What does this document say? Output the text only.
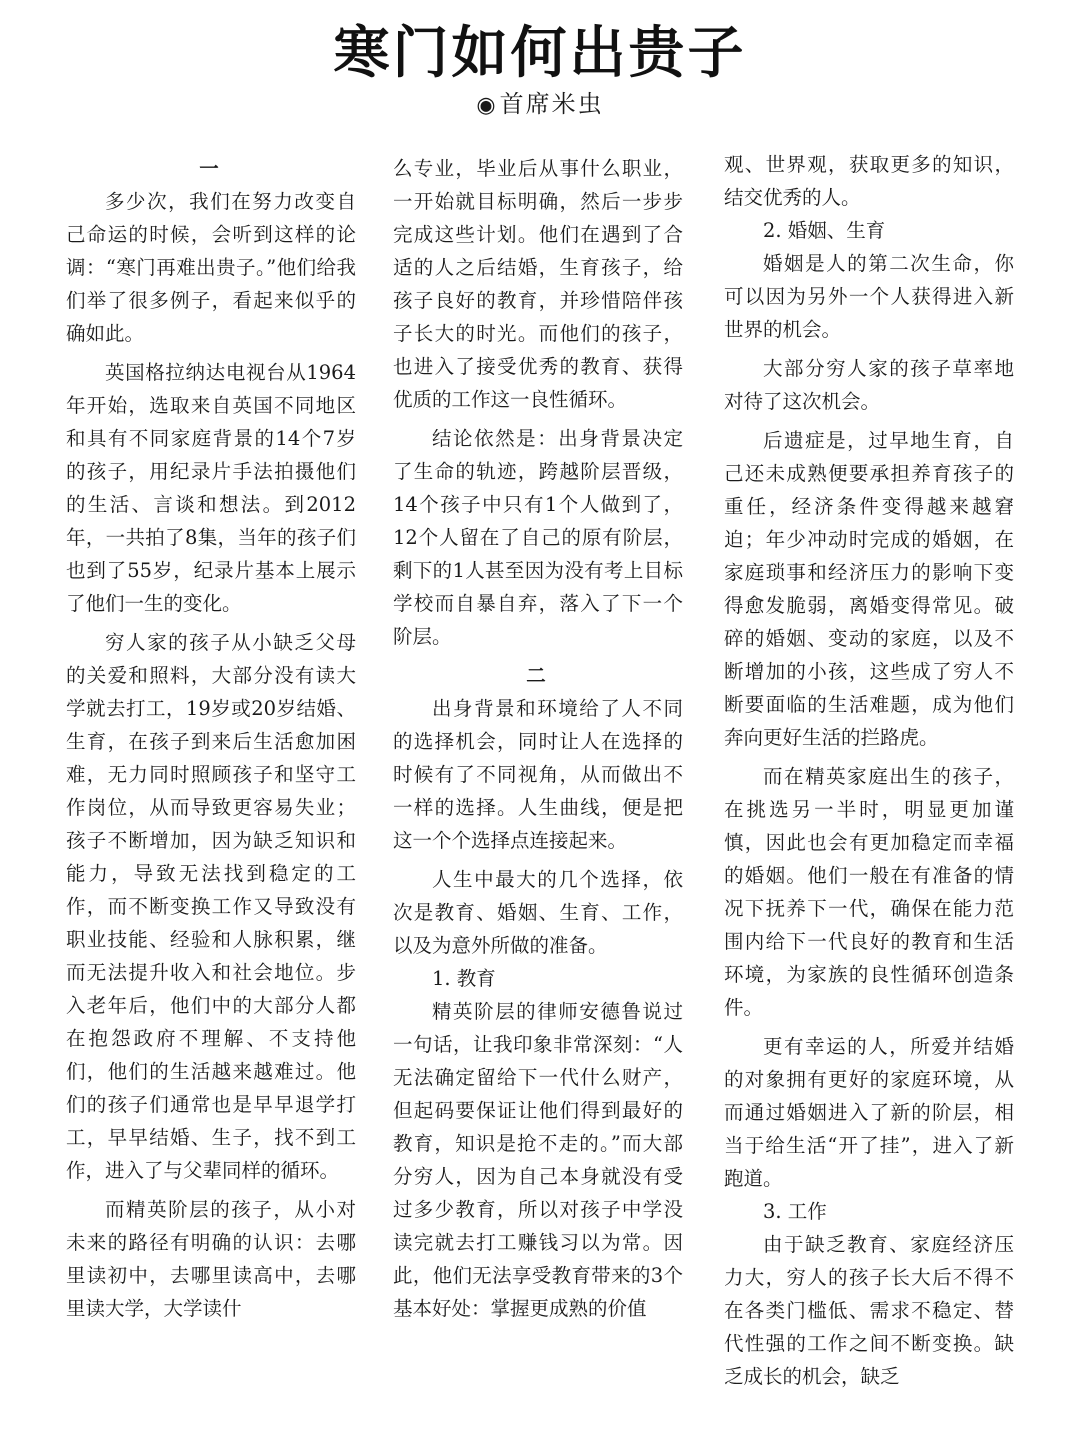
寒门如何出贵子
◉首席米虫

一

多少次，我们在努力改变自己命运的时候，会听到这样的论调：“寒门再难出贵子。”他们给我们举了很多例子，看起来似乎的确如此。

英国格拉纳达电视台从1964年开始，选取来自英国不同地区和具有不同家庭背景的14个7岁的孩子，用纪录片手法拍摄他们的生活、言谈和想法。到2012年，一共拍了8集，当年的孩子们也到了55岁，纪录片基本上展示了他们一生的变化。

穷人家的孩子从小缺乏父母的关爱和照料，大部分没有读大学就去打工，19岁或20岁结婚、生育，在孩子到来后生活愈加困难，无力同时照顾孩子和坚守工作岗位，从而导致更容易失业；孩子不断增加，因为缺乏知识和能力，导致无法找到稳定的工作，而不断变换工作又导致没有职业技能、经验和人脉积累，继而无法提升收入和社会地位。步入老年后，他们中的大部分人都在抱怨政府不理解、不支持他们，他们的生活越来越难过。他们的孩子们通常也是早早退学打工，早早结婚、生子，找不到工作，进入了与父辈同样的循环。

而精英阶层的孩子，从小对未来的路径有明确的认识：去哪里读初中，去哪里读高中，去哪里读大学，大学读什

么专业，毕业后从事什么职业，一开始就目标明确，然后一步步完成这些计划。他们在遇到了合适的人之后结婚，生育孩子，给孩子良好的教育，并珍惜陪伴孩子长大的时光。而他们的孩子，也进入了接受优秀的教育、获得优质的工作这一良性循环。

结论依然是：出身背景决定了生命的轨迹，跨越阶层晋级，14个孩子中只有1个人做到了，12个人留在了自己的原有阶层，剩下的1人甚至因为没有考上目标学校而自暴自弃，落入了下一个阶层。

二

出身背景和环境给了人不同的选择机会，同时让人在选择的时候有了不同视角，从而做出不一样的选择。人生曲线，便是把这一个个选择点连接起来。

人生中最大的几个选择，依次是教育、婚姻、生育、工作，以及为意外所做的准备。

1. 教育

精英阶层的律师安德鲁说过一句话，让我印象非常深刻：“人无法确定留给下一代什么财产，但起码要保证让他们得到最好的教育，知识是抢不走的。”而大部分穷人，因为自己本身就没有受过多少教育，所以对孩子中学没读完就去打工赚钱习以为常。因此，他们无法享受教育带来的3个基本好处：掌握更成熟的价值

观、世界观，获取更多的知识，结交优秀的人。

2. 婚姻、生育

婚姻是人的第二次生命，你可以因为另外一个人获得进入新世界的机会。

大部分穷人家的孩子草率地对待了这次机会。

后遗症是，过早地生育，自己还未成熟便要承担养育孩子的重任，经济条件变得越来越窘迫；年少冲动时完成的婚姻，在家庭琐事和经济压力的影响下变得愈发脆弱，离婚变得常见。破碎的婚姻、变动的家庭，以及不断增加的小孩，这些成了穷人不断要面临的生活难题，成为他们奔向更好生活的拦路虎。

而在精英家庭出生的孩子，在挑选另一半时，明显更加谨慎，因此也会有更加稳定而幸福的婚姻。他们一般在有准备的情况下抚养下一代，确保在能力范围内给下一代良好的教育和生活环境，为家族的良性循环创造条件。

更有幸运的人，所爱并结婚的对象拥有更好的家庭环境，从而通过婚姻进入了新的阶层，相当于给生活“开了挂”，进入了新跑道。

3. 工作

由于缺乏教育、家庭经济压力大，穷人的孩子长大后不得不在各类门槛低、需求不稳定、替代性强的工作之间不断变换。缺乏成长的机会，缺乏
